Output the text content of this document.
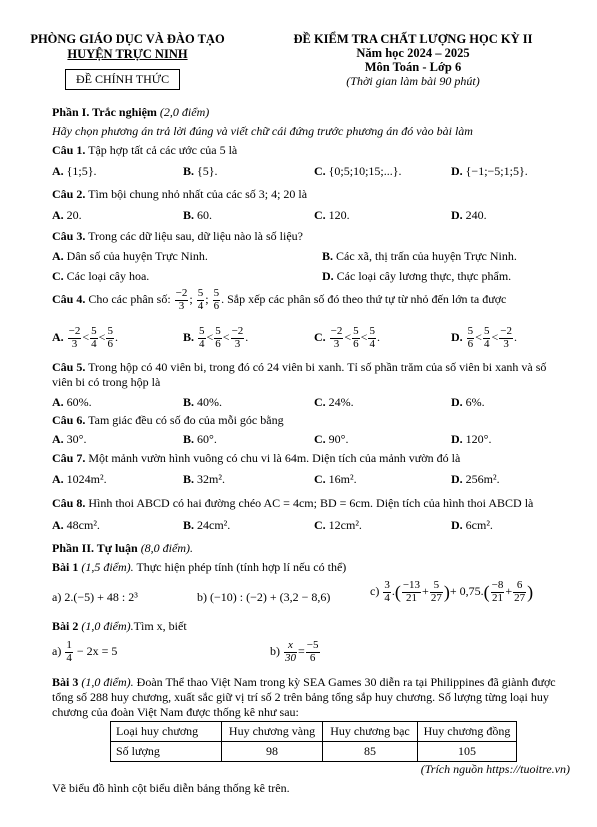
PHÒNG GIÁO DỤC VÀ ĐÀO TẠO
HUYỆN TRỰC NINH
ĐỀ CHÍNH THỨC
ĐỀ KIỂM TRA CHẤT LƯỢNG HỌC KỲ II
Năm học 2024 – 2025
Môn Toán - Lớp 6
(Thời gian làm bài 90 phút)
Phần I. Trắc nghiệm (2,0 điểm)
Hãy chọn phương án trả lời đúng và viết chữ cái đứng trước phương án đó vào bài làm
Câu 1. Tập hợp tất cả các ước của 5 là
A. {1;5}.	B. {5}.	C. {0;5;10;15;...}.	D. {−1;−5;1;5}.
Câu 2. Tìm bội chung nhỏ nhất của các số 3; 4; 20 là
A. 20.	B. 60.	C. 120.	D. 240.
Câu 3. Trong các dữ liệu sau, dữ liệu nào là số liệu?
A. Dân số của huyện Trực Ninh.	B. Các xã, thị trấn của huyện Trực Ninh.
C. Các loại cây hoa.	D. Các loại cây lương thực, thực phẩm.
Câu 4. Cho các phân số: $\frac{-2}{3}$ ; $\frac{5}{4}$ ; $\frac{5}{6}$ . Sắp xếp các phân số đó theo thứ tự từ nhỏ đến lớn ta được
A. $\frac{-2}{3} < \frac{5}{4} < \frac{5}{6}$ .	B. $\frac{5}{4} < \frac{5}{6} < \frac{-2}{3}$ .	C. $\frac{-2}{3} < \frac{5}{6} < \frac{5}{4}$ .	D. $\frac{5}{6} < \frac{5}{4} < \frac{-2}{3}$ .
Câu 5. Trong hộp có 40 viên bi, trong đó có 24 viên bi xanh. Tỉ số phần trăm của số viên bi xanh và số
viên bi có trong hộp là
A. 60%.	B. 40%.	C. 24%.	D. 6%.
Câu 6. Tam giác đều có số đo của mỗi góc bằng
A. 30°.	B. 60°.	C. 90°.	D. 120°.
Câu 7. Một mảnh vườn hình vuông có chu vi là 64m. Diện tích của mảnh vườn đó là
A. 1024m².	B. 32m².	C. 16m².	D. 256m².
Câu 8. Hình thoi ABCD có hai đường chéo AC = 4cm; BD = 6cm. Diện tích của hình thoi ABCD là
A. 48cm².	B. 24cm².	C. 12cm².	D. 6cm².
Phần II. Tự luận (8,0 điểm).
Bài 1 (1,5 điểm). Thực hiện phép tính (tính hợp lí nếu có thể)
a) 2.(−5) + 48 : 2³	b) (−10) : (−2) + (3,2 − 8,6)	$c) \frac{3}{4}$ .( $\frac{-13}{21} + \frac{5}{27}$ )+ $0,75.( \frac{-8}{21} + \frac{6}{27}$ )
Bài 2 (1,0 điểm).Tìm x, biết
$a) \frac{1}{4} - 2x = 5$	$b) \frac{x}{30} = \frac{-5}{6}$
Bài 3 (1,0 điểm). Đoàn Thể thao Việt Nam trong kỳ SEA Games 30 diễn ra tại Philippines đã giành được
tổng số 288 huy chương, xuất sắc giữ vị trí số 2 trên bảng tổng sắp huy chương. Số lượng từng loại huy
chương của đoàn Việt Nam được thống kê như sau:
Loại huy chương	Huy chương vàng	Huy chương bạc	Huy chương đồng
Số lượng	98	85	105
(Trích nguồn https://tuoitre.vn)
Vẽ biểu đồ hình cột biểu diễn bảng thống kê trên.
